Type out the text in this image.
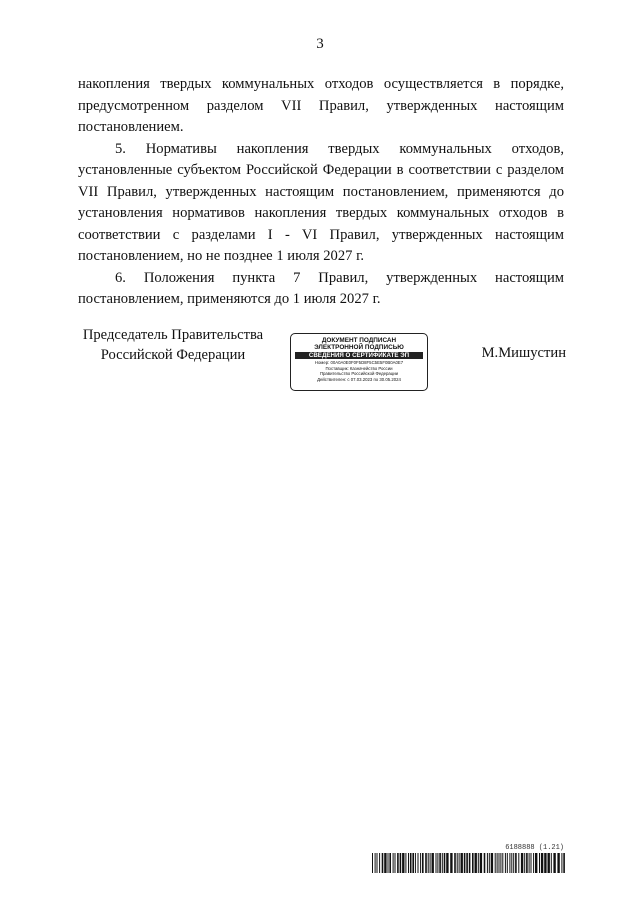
3

накопления твердых коммунальных отходов осуществляется в порядке, предусмотренном разделом VII Правил, утвержденных настоящим постановлением.

5. Нормативы накопления твердых коммунальных отходов, установленные субъектом Российской Федерации в соответствии с разделом VII Правил, утвержденных настоящим постановлением, применяются до установления нормативов накопления твердых коммунальных отходов в соответствии с разделами I - VI Правил, утвержденных настоящим постановлением, но не позднее 1 июля 2027 г.

6. Положения пункта 7 Правил, утвержденных настоящим постановлением, применяются до 1 июля 2027 г.

Председатель Правительства
Российской Федерации
ДОКУМЕНТ ПОДПИСАН
ЭЛЕКТРОННОЙ ПОДПИСЬЮ
СВЕДЕНИЯ О СЕРТИФИКАТЕ ЭП
Номер: 00A0A0E0F0F5D8F5C5E5F0B0A0E7
Поставщик: Казначейство России
Правительство Российской Федерации
Действителен: с 07.03.2023 по 30.05.2024
М.Мишустин
6188888 (1.21)
